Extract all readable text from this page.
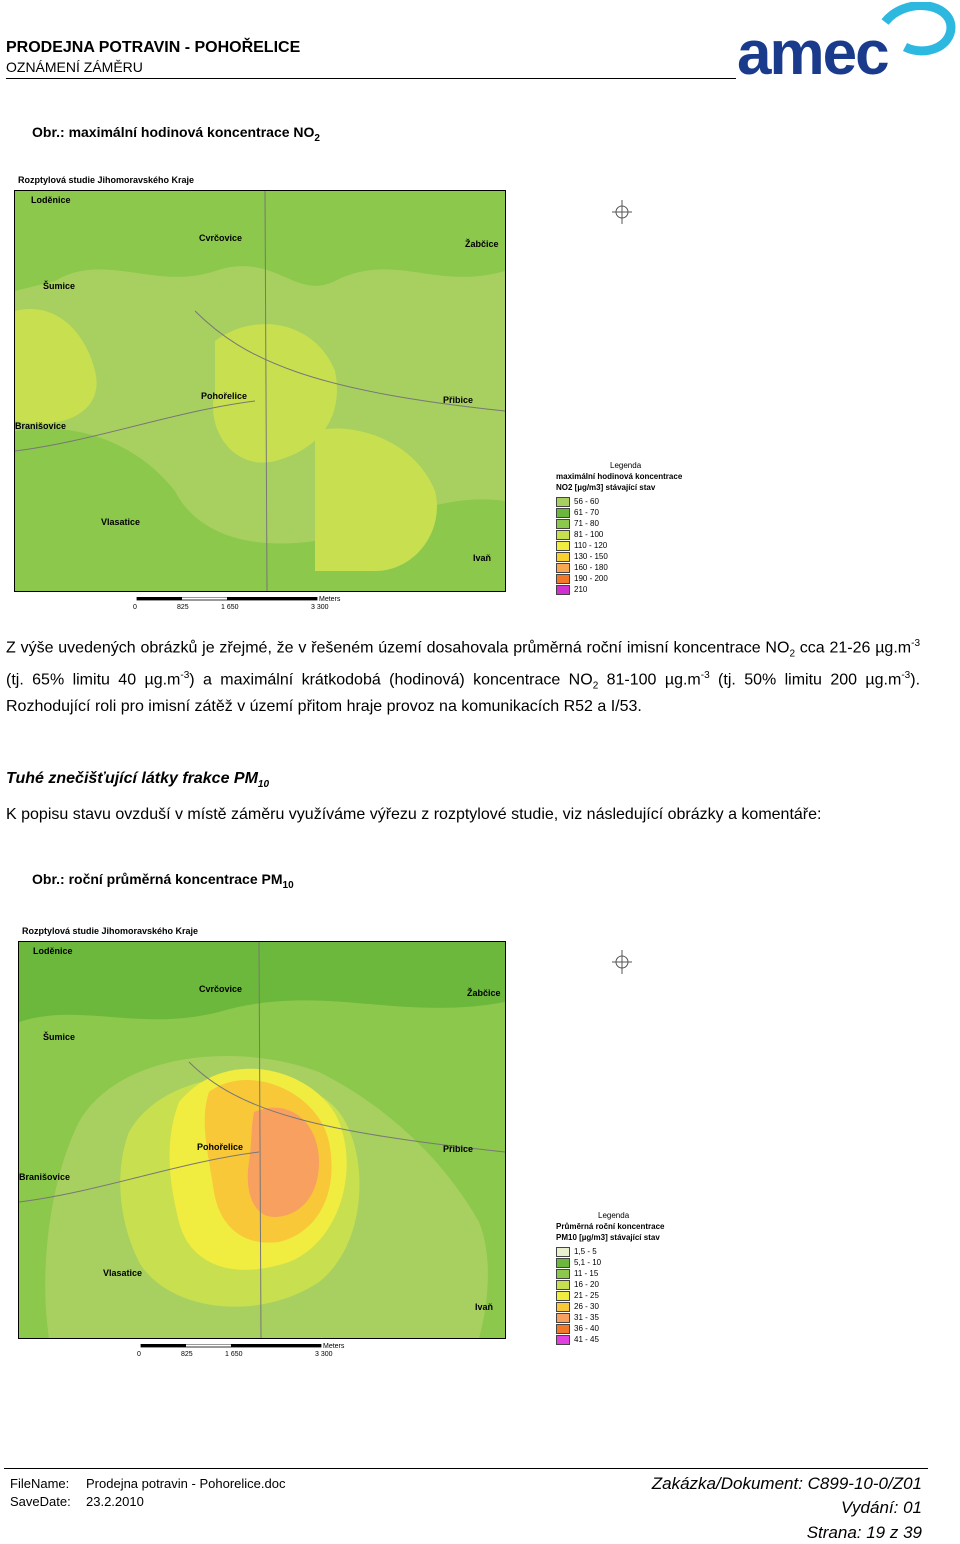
PRODEJNA POTRAVIN - POHOŘELICE
OZNÁMENÍ ZÁMĚRU	amec
Obr.: maximální hodinová koncentrace $NO_2$
Rozptylová studie Jihomoravského Kraje
Loděnice
Cvrčovice
Žabčice
Šumice
Pohořelice	Přibice
Branišovice
Vlasatice
Ivaň
Legenda
maximální hodinová koncentrace
NO2 [µg/m3] stávající stav
56 - 60
61 - 70
71 - 80
81 - 100
110 - 120
130 - 150
160 - 180
190 - 200
210
0	825	1 650	3 300
Meters
Z výše uvedených obrázků je zřejmé, že v řešeném území dosahovala průměrná roční imisní koncentrace $NO_2$ cca 21-26 $\mu g.m^{-3}$ (tj. 65% limitu 40 $\mu g.m^{-3}$) a maximální krátkodobá (hodinová) koncentrace $NO_2$ 81-100 $\mu g.m^{-3}$ (tj. 50% limitu 200 $\mu g.m^{-3}$). Rozhodující roli pro imisní zátěž v území přitom hraje provoz na komunikacích R52 a I/53.
Tuhé znečišťující látky frakce $PM_{10}$
K popisu stavu ovzduší v místě záměru využíváme výřezu z rozptylové studie, viz následující obrázky a komentáře:
Obr.: roční průměrná koncentrace $PM_{10}$
Rozptylová studie Jihomoravského Kraje
Loděnice
Cvrčovice	Žabčice
Šumice
Pohořelice	Přibice
Branišovice
Vlasatice
Ivaň
Legenda
Průměrná roční koncentrace
PM10 [µg/m3] stávající stav
1,5 - 5
5,1 - 10
11 - 15
16 - 20
21 - 25
26 - 30
31 - 35
36 - 40
41 - 45
0	825	1 650	3 300
Meters
FileName: Prodejna potravin - Pohorelice.doc
SaveDate: 23.2.2010
Zakázka/Dokument: C899-10-0/Z01
Vydání: 01
Strana: 19 z 39
